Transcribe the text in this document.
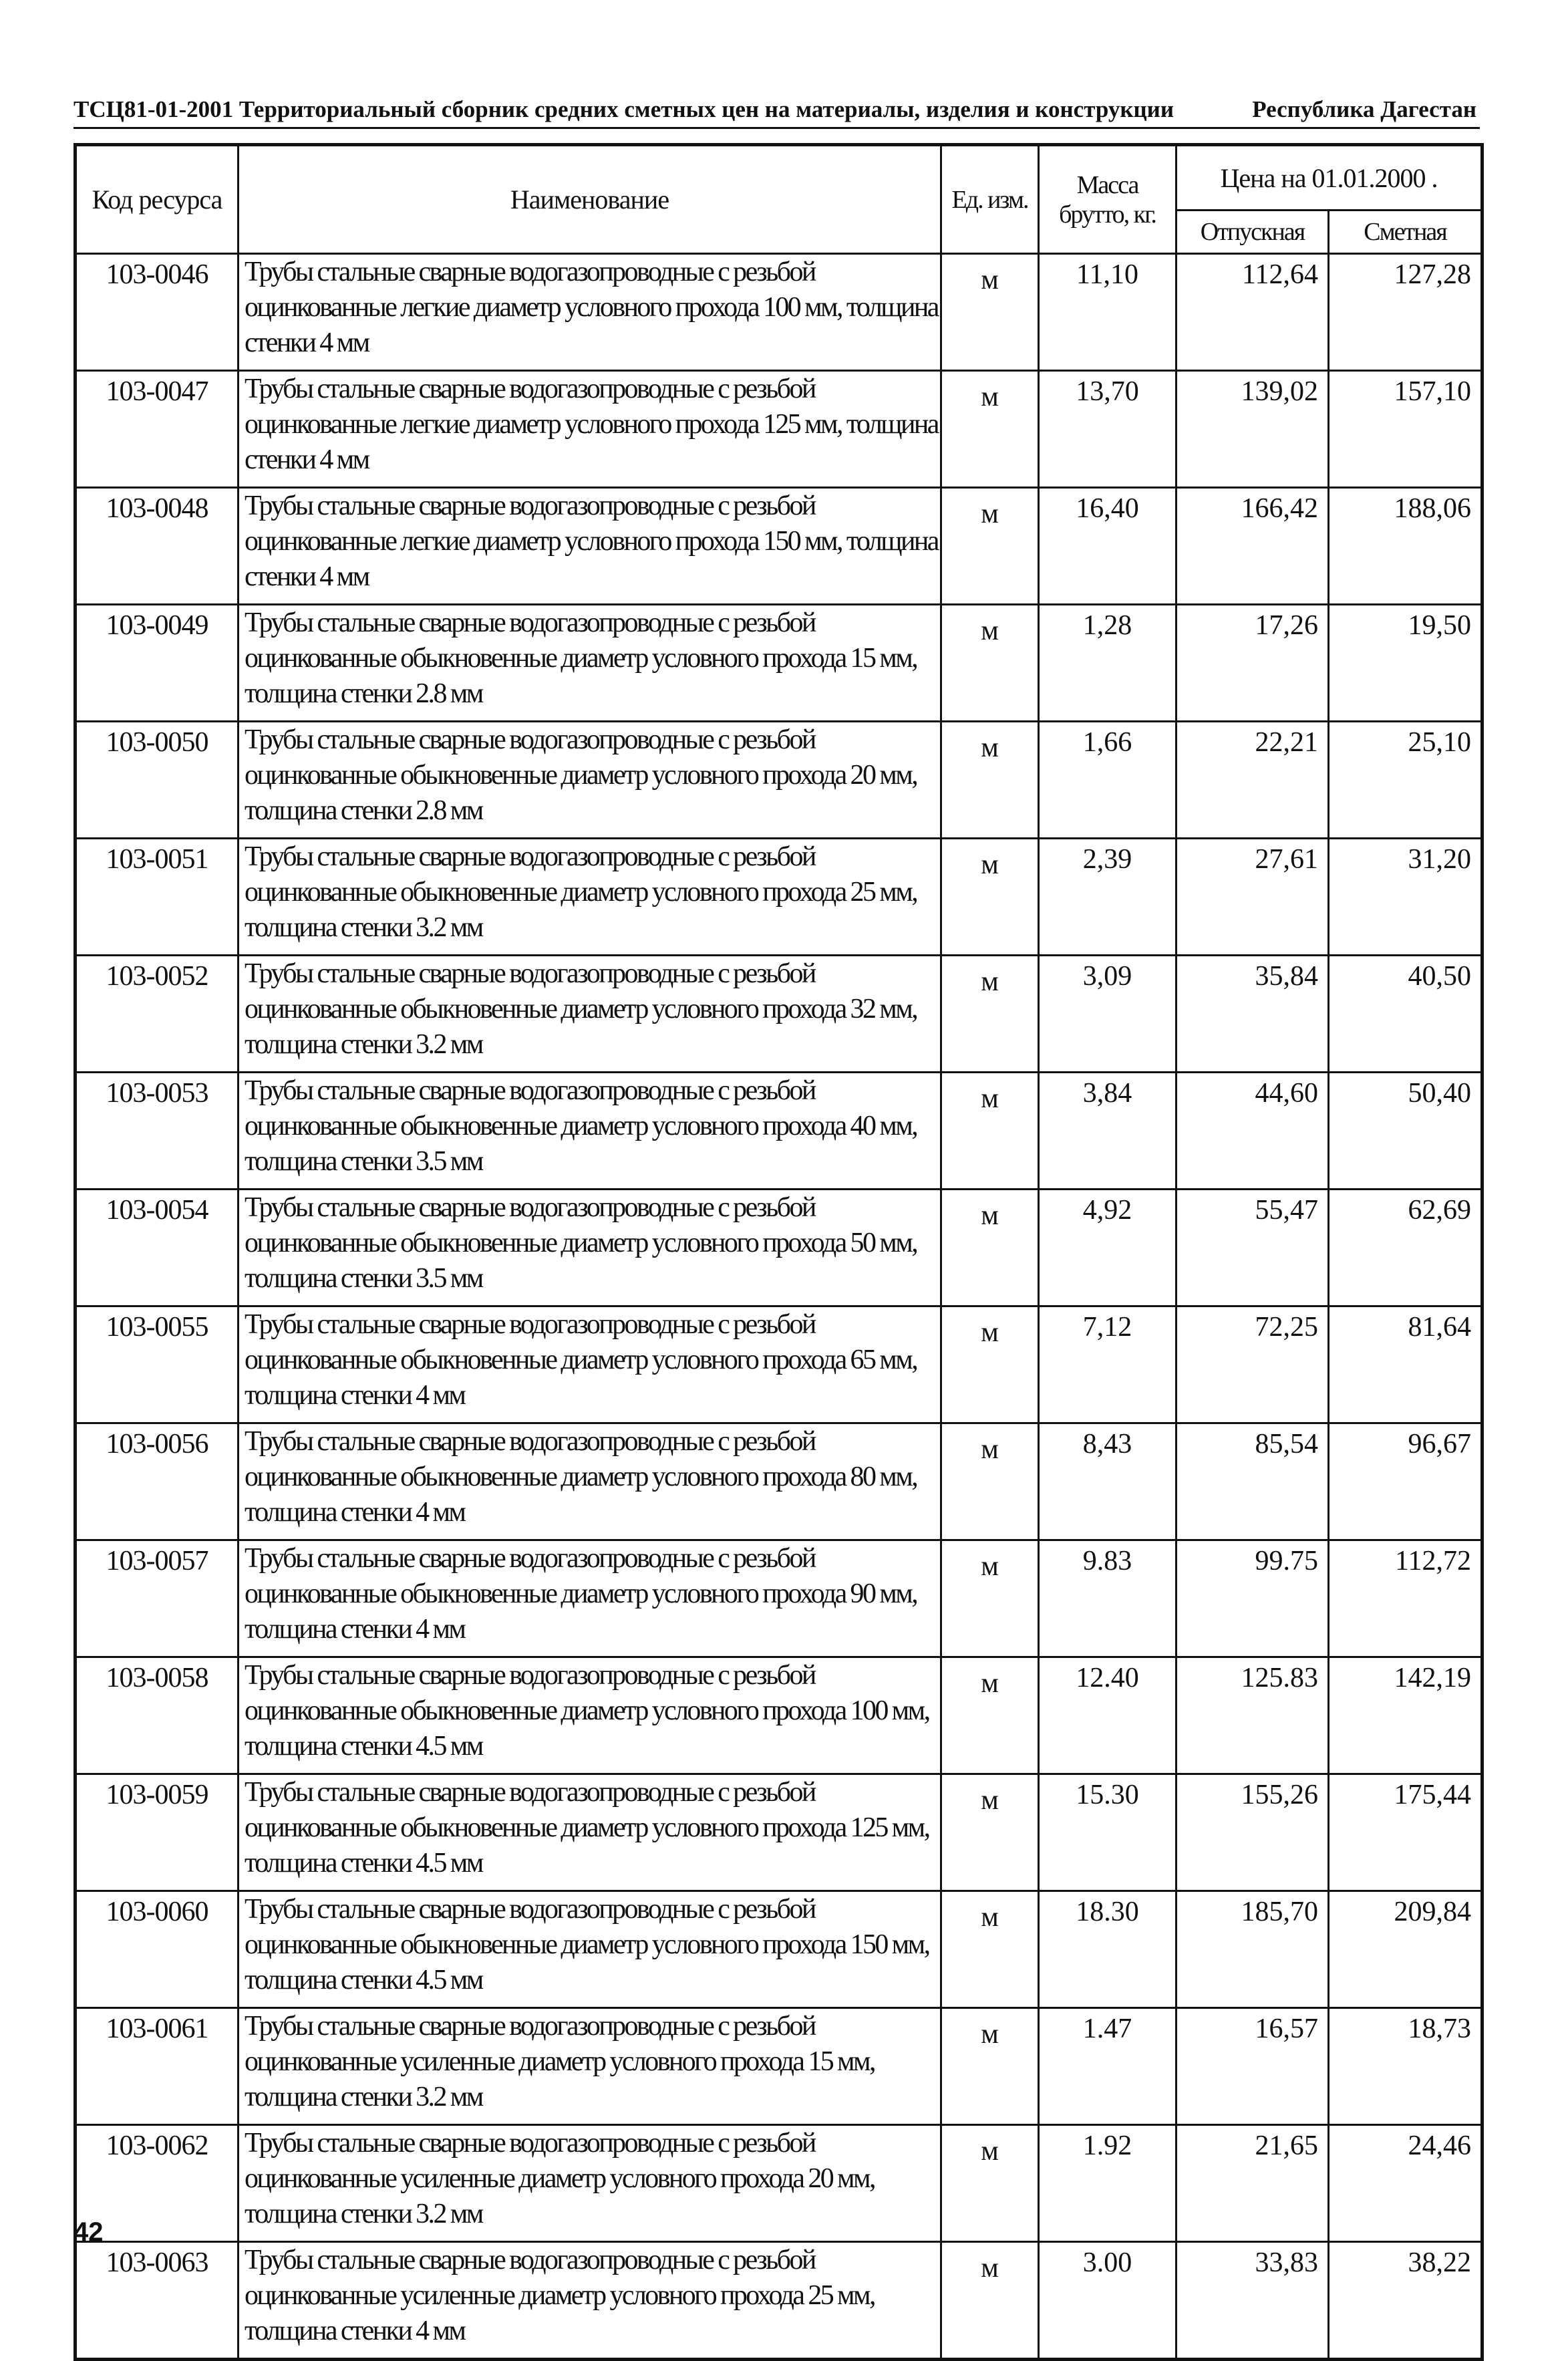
ТСЦ81-01-2001 Территориальный сборник средних сметных цен на материалы, изделия и конструкции	Республика Дагестан
Код ресурса	Наименование	Ед. изм.	Масса брутто, кг.	Цена на 01.01.2000 .	
				Отпускная	Сметная
103-0046	Трубы стальные сварные водогазопроводные с резьбой оцинкованные легкие диаметр условного прохода 100 мм, толщина стенки 4 мм	м	11,10	112,64	127,28
103-0047	Трубы стальные сварные водогазопроводные с резьбой оцинкованные легкие диаметр условного прохода 125 мм, толщина стенки 4 мм	м	13,70	139,02	157,10
103-0048	Трубы стальные сварные водогазопроводные с резьбой оцинкованные легкие диаметр условного прохода 150 мм, толщина стенки 4 мм	м	16,40	166,42	188,06
103-0049	Трубы стальные сварные водогазопроводные с резьбой оцинкованные обыкновенные диаметр условного прохода 15 мм, толщина стенки 2.8 мм	м	1,28	17,26	19,50
103-0050	Трубы стальные сварные водогазопроводные с резьбой оцинкованные обыкновенные диаметр условного прохода 20 мм, толщина стенки 2.8 мм	м	1,66	22,21	25,10
103-0051	Трубы стальные сварные водогазопроводные с резьбой оцинкованные обыкновенные диаметр условного прохода 25 мм, толщина стенки 3.2 мм	м	2,39	27,61	31,20
103-0052	Трубы стальные сварные водогазопроводные с резьбой оцинкованные обыкновенные диаметр условного прохода 32 мм, толщина стенки 3.2 мм	м	3,09	35,84	40,50
103-0053	Трубы стальные сварные водогазопроводные с резьбой оцинкованные обыкновенные диаметр условного прохода 40 мм, толщина стенки 3.5 мм	м	3,84	44,60	50,40
103-0054	Трубы стальные сварные водогазопроводные с резьбой оцинкованные обыкновенные диаметр условного прохода 50 мм, толщина стенки 3.5 мм	м	4,92	55,47	62,69
103-0055	Трубы стальные сварные водогазопроводные с резьбой оцинкованные обыкновенные диаметр условного прохода 65 мм, толщина стенки 4 мм	м	7,12	72,25	81,64
103-0056	Трубы стальные сварные водогазопроводные с резьбой оцинкованные обыкновенные диаметр условного прохода 80 мм, толщина стенки 4 мм	м	8,43	85,54	96,67
103-0057	Трубы стальные сварные водогазопроводные с резьбой оцинкованные обыкновенные диаметр условного прохода 90 мм, толщина стенки 4 мм	м	9.83	99.75	112,72
103-0058	Трубы стальные сварные водогазопроводные с резьбой оцинкованные обыкновенные диаметр условного прохода 100 мм, толщина стенки 4.5 мм	м	12.40	125.83	142,19
103-0059	Трубы стальные сварные водогазопроводные с резьбой оцинкованные обыкновенные диаметр условного прохода 125 мм, толщина стенки 4.5 мм	м	15.30	155,26	175,44
103-0060	Трубы стальные сварные водогазопроводные с резьбой оцинкованные обыкновенные диаметр условного прохода 150 мм, толщина стенки 4.5 мм	м	18.30	185,70	209,84
103-0061	Трубы стальные сварные водогазопроводные с резьбой оцинкованные усиленные диаметр условного прохода 15 мм, толщина стенки 3.2 мм	м	1.47	16,57	18,73
103-0062	Трубы стальные сварные водогазопроводные с резьбой оцинкованные усиленные диаметр условного прохода 20 мм, толщина стенки 3.2 мм	м	1.92	21,65	24,46
103-0063	Трубы стальные сварные водогазопроводные с резьбой оцинкованные усиленные диаметр условного прохода 25 мм, толщина стенки 4 мм	м	3.00	33,83	38,22
42
